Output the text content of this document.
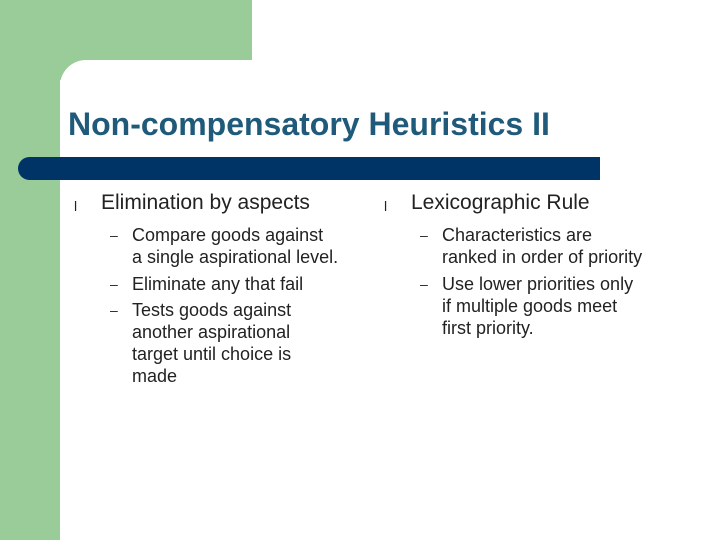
Non-compensatory Heuristics II
l Elimination by aspects
– Compare goods against
a single aspirational level.
– Eliminate any that fail
– Tests goods against
another aspirational
target until choice is
made
l Lexicographic Rule
– Characteristics are
ranked in order of priority
– Use lower priorities only
if multiple goods meet
first priority.
